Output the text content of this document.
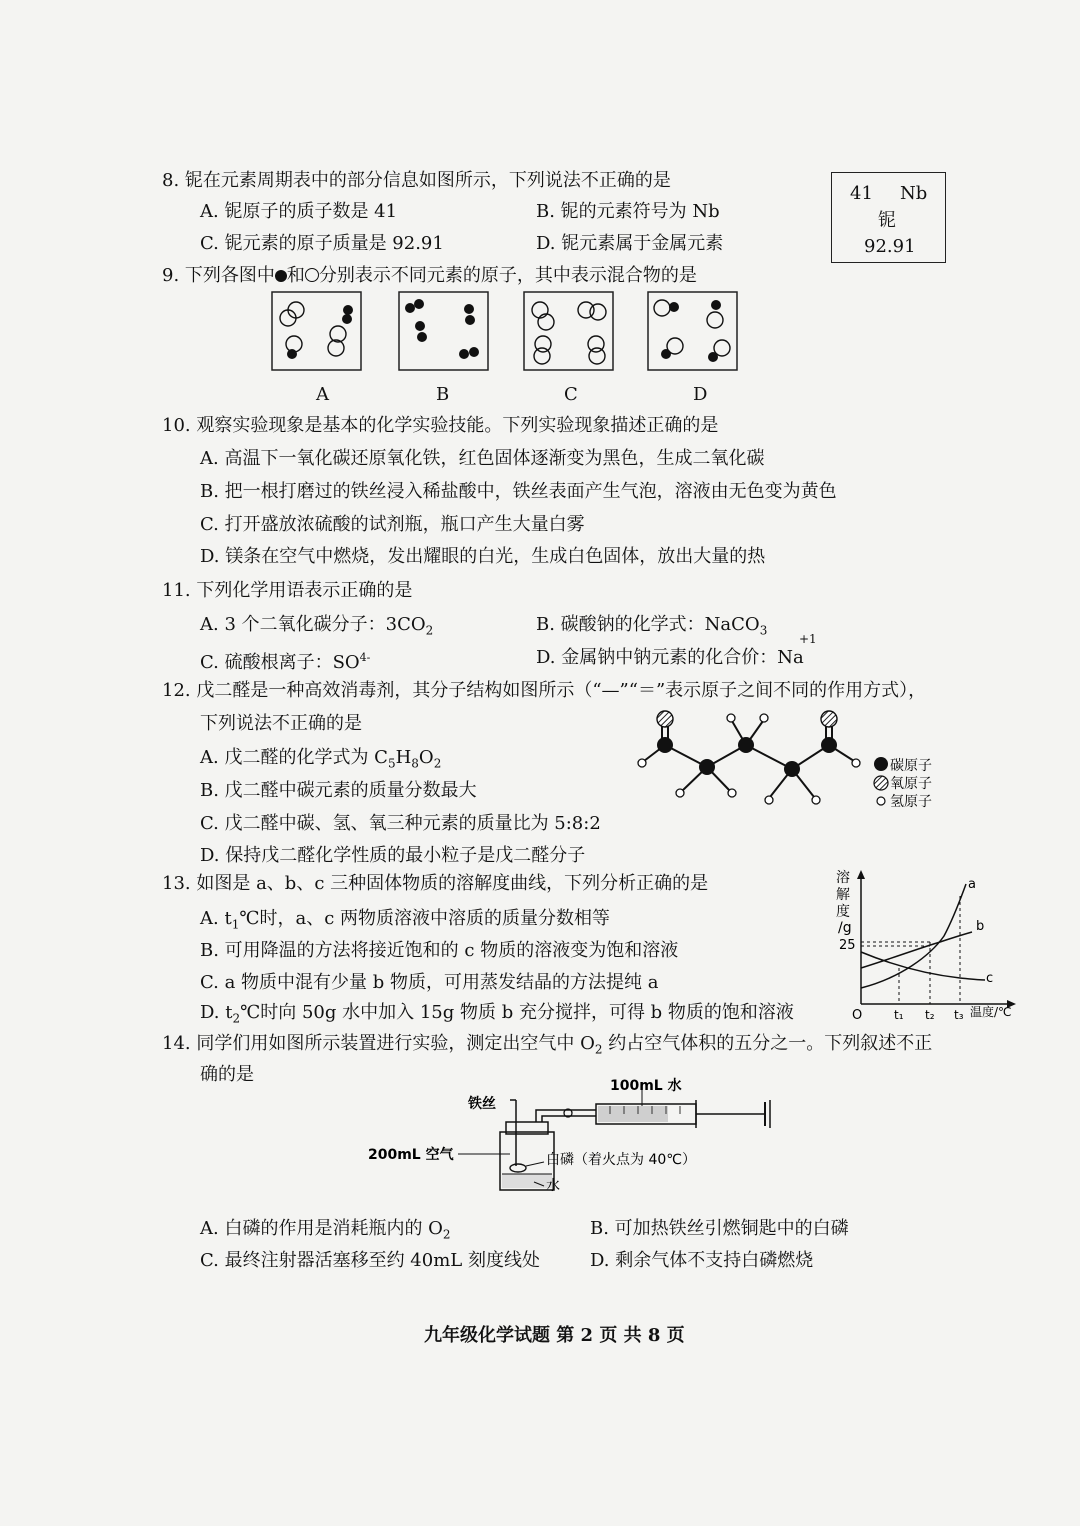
8. 铌在元素周期表中的部分信息如图所示，下列说法不正确的是
A. 铌原子的质子数是 41	B. 铌的元素符号为 Nb
C. 铌元素的原子质量是 92.91	D. 铌元素属于金属元素
41 Nb
铌
92.91
9. 下列各图中 和 分别表示不同元素的原子，其中表示混合物的是
A	B	C	D
10. 观察实验现象是基本的化学实验技能。下列实验现象描述正确的是
A. 高温下一氧化碳还原氧化铁，红色固体逐渐变为黑色，生成二氧化碳
B. 把一根打磨过的铁丝浸入稀盐酸中，铁丝表面产生气泡，溶液由无色变为黄色
C. 打开盛放浓硫酸的试剂瓶，瓶口产生大量白雾
D. 镁条在空气中燃烧，发出耀眼的白光，生成白色固体，放出大量的热
11. 下列化学用语表示正确的是
A. 3 个二氧化碳分子：$3CO_2$	B. 碳酸钠的化学式：NaCO$_3$
C. 硫酸根离子：$SO^{4-}$	D. 金属钠中钠元素的化合价：Na
+1
12. 戊二醛是一种高效消毒剂，其分子结构如图所示（“—”“＝”表示原子之间不同的作用方式），
下列说法不正确的是
A. 戊二醛的化学式为 $C_5H_8O_2$
B. 戊二醛中碳元素的质量分数最大
C. 戊二醛中碳、氢、氧三种元素的质量比为 5:8:2
D. 保持戊二醛化学性质的最小粒子是戊二醛分子
碳原子
氧原子
氢原子
13. 如图是 a、b、c 三种固体物质的溶解度曲线，下列分析正确的是
A. $t_1℃$时，a、c 两物质溶液中溶质的质量分数相等
B. 可用降温的方法将接近饱和的 c 物质的溶液变为饱和溶液
C. a 物质中混有少量 b 物质，可用蒸发结晶的方法提纯 a
D. $t_2℃$时向 50g 水中加入 15g 物质 b 充分搅拌，可得 b 物质的饱和溶液
溶
解
度
/g
25
O	t₁ t₂ t₃ 温度/℃
a
b
c
14. 同学们用如图所示装置进行实验，测定出空气中 $O_2$ 约占空气体积的五分之一。下列叙述不正
确的是
100mL 水
铁丝
200mL 空气	白磷（着火点为 40℃）
水
A. 白磷的作用是消耗瓶内的 $O_2$	B. 可加热铁丝引燃铜匙中的白磷
C. 最终注射器活塞移至约 40mL 刻度线处	D. 剩余气体不支持白磷燃烧
九年级化学试题 第 2 页 共 8 页
